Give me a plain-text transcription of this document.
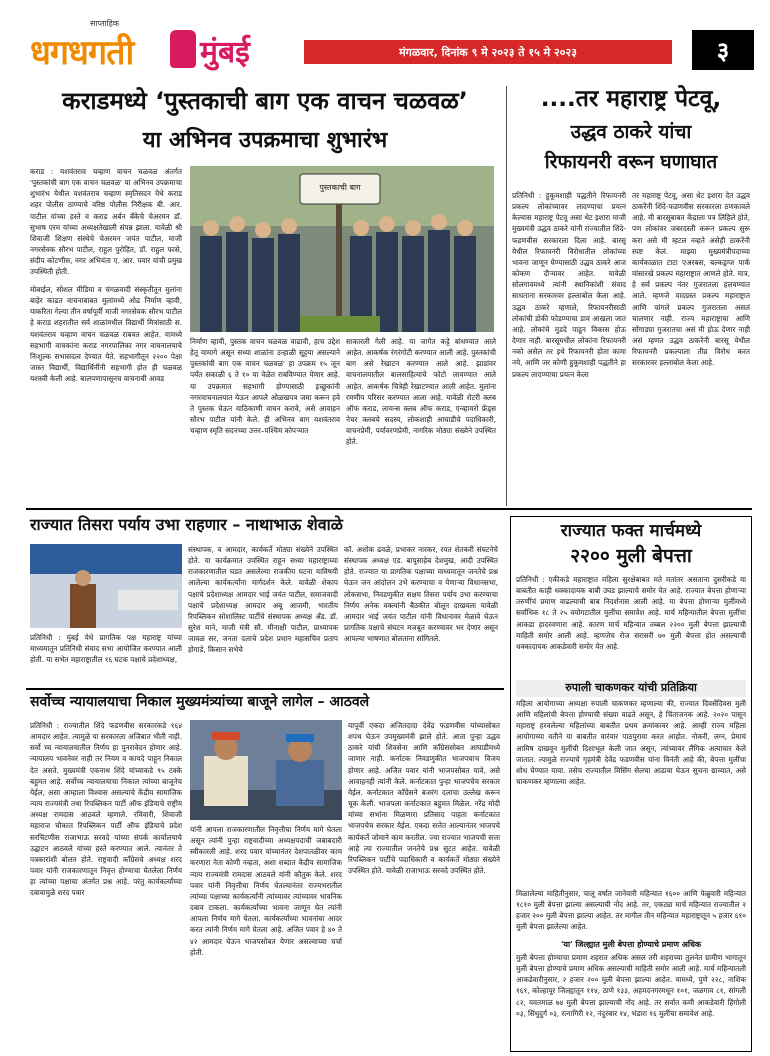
साप्ताहिक
धगधगती मुंबई	मंगळवार, दिनांक ९ मे २०२३ ते १५ मे २०२३	३
कराडमध्ये ‘पुस्तकाची बाग एक वाचन चळवळ’
या अभिनव उपक्रमाचा शुभारंभ
कराड : यशवंतराव चव्हाण वाचन चळवळ अंतर्गत 'पुस्तकांची बाग एक वाचन चळवळ' या अभिनव उपक्रमाचा शुभारंभ येथील यशवंतराव चव्हाण स्मृतिसदन येथे कराड शहर पोलीस ठाण्याचे वरिष्ठ पोलीस निरीक्षक बी. आर. पाटील यांच्या हस्ते व कराड अर्बन बँकेचे चेअरमन डॉ. सुभाष एरम यांच्या अध्यक्षतेखाली संपन्न झाला. यावेळी श्री शिवाजी शिक्षण संस्थेचे चेअरमन जयंत पाटील, माजी नगरसेवक सौरभ पाटील, राहुल पुरोहित, डॉ. राहुल फासे, संदीप कोटणीस, नगर अभियंता ए. आर. पवार यांची प्रमुख उपस्थिती होती.
पुस्तकाची बाग
मोबाईल, सोशल मीडिया व चंगळवादी संस्कृतीतून मुलांना बाहेर काढत वाचनाबाबत मुलांमध्ये ओढ निर्माण व्हावी, याकरिता गेल्या तीन वर्षापूर्वी माजी नगरसेवक सौरभ पाटील हे कराड शहरातील सर्व शाळांमधील विद्यार्थी मित्रांसाठी स. यशवंतराव चव्हाण वाचन चळवळ राबवत आहेत. यामध्ये सहभागी वाचकांना कराड नगरपालिका नगर वाचनालयाचे निःशुल्क सभासदत्व देण्यात येते. सहभागीतून २२०० पेक्षा जास्त विद्यार्थी, विद्यार्थिनींनी सहभागी होत ही चळवळ यशस्वी केली आहे. बालपणापासूनच वाचनाची आवड
निर्माण व्हावी, पुस्तक वाचन चळवळ वाढावी, हाच उद्देश हेतू यामागे असून सध्या शाळांना उन्हाळी सुट्टया असल्याने पुस्तकांची बाग एक वाचन चळवळ' हा उपक्रम १५ जून पर्यंत सकाळी ६ ते १० या वेळेत राबविण्यात येणार आहे. या उपक्रमात सहभागी होण्यासाठी इच्छुकांनी नगरवाचनालयात येऊन आपले ओळखपत्र जमा करून हवे ते पुस्तक घेऊन याठिकाणी वाचन करावे, असे आवाहन सौरभ पाटील यांनी केले. ही अभिनव बाग यशवंतराव चव्हाण स्मृति सदनच्या उत्तर–पश्चिम कोपऱ्यात
साकारली गेली आहे. या जागेत कट्टे बांधण्यात आले आहेत. आकर्षक रंगरंगोटी करण्यात आली आहे. पुस्तकांची बाग असे रेखाटन करण्यात आले आहे. झाडांवर वाचनालयातील बालसाहित्याचे फोटो लावण्यात आले आहेत. आकर्षक चित्रेही रेखाटण्यात आली आहेत. मुलांना रमणीय परिसर करण्यात आला आहे. यावेळी रोटरी क्लब ऑफ कराड, लायन्स क्लब ऑफ कराड, एन्व्हायरो फ्रेंड्स नेचर क्लबचे सदस्य, लोकशाही आघाडीचे पदाधिकारी, वाचनप्रेमी, पर्यावरणप्रेमी, नागरिक मोठ्या संख्येने उपस्थित होते.
....तर महाराष्ट्र पेटवू,
उद्धव ठाकरे यांचा
रिफायनरी वरून घणाघात
प्रतिनिधी : हुकूमशाही पद्धतीने रिफायनरी प्रकल्प लोकांच्यावर लादण्याचा प्रयत्न केल्यास महाराष्ट्र पेटवू असा थेट इशारा माजी मुख्यमंत्री उद्धव ठाकरे यांनी राज्यातील शिंदे-फडणवीस सरकारला दिला आहे. बारसू येथील रिफायनरी विरोधातील लोकांच्या भावना जाणून घेण्यासाठी उद्धव ठाकरे आज कोकण दौऱ्यावर आहेत. यावेळी सोलगावमध्ये त्यांनी स्थानिकांशी संवाद साधताना सरकारवर हल्लाबोल केला आहे. उद्धव ठाकरे म्हणाले, रिफायनरीसाठी लोकांची डोकी फोडण्याचा डाव आखला जात आहे. लोकांचे मुडदे पाडून विकास होऊ देणार नाही. बारसूमधील लोकांना रिफायनरी नको असेल तर इथे रिफायनरी होता कामा नये, आणि जर कोणी हुकूमशाही पद्धतीने हा प्रकल्प लादण्याचा प्रयत्न केला
तर महाराष्ट्र पेटवू, असा थेट इशारा देत उद्धव ठाकरेंनी शिंदे-फडणवीस सरकारला ठणकावले आहे. मी बारसूबाबत केंद्राला पत्र लिहिले होते, पण लोकांवर जबरदस्ती करून प्रकल्प सुरू करा असे मी म्हटल नव्हते असेही ठाकरेंनी स्पष्ट केलं. माझ्या मुख्यमंत्रीपदाच्या कार्यकाळात टाटा एअरबस, बल्कड्रग्ज पार्क यांसारखे प्रकल्प महाराष्ट्रात आणले होते. मात्र, हे सर्व प्रकल्प नंतर गुजरातला हलवण्यात आले. म्हणजे वादग्रस्त प्रकल्प महाराष्ट्रात आणि चांगले प्रकल्प गुजरातला असलं चालणार नाही. राज्य महाराष्ट्राचा आणि सोंगाड्या गुजरातचा असं मी होऊ देणार नाही असं म्हणत उद्धव ठाकरेंनी बारसू येथील रिफायनरी प्रकल्पाला तीव्र विरोध करत सरकारवर हल्लाबोल केला आहे.
राज्यात तिसरा पर्याय उभा राहणार – नाथाभाऊ शेवाळे
प्रतिनिधी : मुंबई येथे प्रागतिक पक्ष महाराष्ट्र यांच्या माध्यमातून प्रतिनिधी संवाद सभा आयोजित करण्यात आली होती. या सभेत महाराष्ट्रातील १६ घटक पक्षाचे प्रदेशाध्यक्ष,
संस्थापक, व आमदार, कार्यकर्ते मोठ्या संख्येने उपस्थित होते. या कार्यक्रमात उपस्थित राहून सध्या महाराष्ट्राच्या राजकारणातील घडत असलेल्या राजकीय घटना याविषयी आलेल्या कार्यकर्त्यांना मार्गदर्शन केले. यावेळी शेकाप पक्षाचे प्रदेशाध्यक्ष आमदार भाई जयंत पाटील, समाजवादी पक्षाचे प्रदेशाध्यक्ष आमदार अबू आजमी, भारतीय रिपब्लिकन सोशालिस्ट पार्टीचे संस्थापक अध्यक्ष अँड. डॉ. सुरेश माने, माजी मंत्री सौ. मीनाक्षी पाटील, प्राध्यापक जावळ सर, जनता दलाचे प्रदेश प्रधान महासचिव प्रताप होगाडे, किसान सभेचे
कॉ. अशोक ढवळे, प्रभाकर नारकर, रयत शेतकरी संघटनेचे संस्थापक अध्यक्ष एड. बापूसाहेब देशमुख, आदी उपस्थित होते. राज्यात या प्रागतिक पक्षाच्या माध्यमातून जनतेचे प्रश्न घेऊन जन आंदोलन उभे करण्याचा व येणाऱ्या विधानसभा, लोकसभा, निवडणुकीत सक्षम तिसरा पर्याय उभा करण्याचा निर्णय अनेक वक्त्यांनी बैठकीत बोलून दाखवला यावेळी आमदार भाई जयंत पाटील यांनी विधानावर मेळावे घेऊन प्रागतिक पक्षाचे संघटन मजबूत करण्यावर भर देणार असून आपल्या भाषणात बोलताना सांगितले.
सर्वोच्च न्यायालयाचा निकाल मुख्यमंत्र्यांच्या बाजूने लागेल – आठवले
प्रतिनिधी : राज्यातील शिंदे फडणवीस सरकारकडे १६४ आमदार आहेत. त्यामुळे या सरकारला अजिबात भीती नाही. सर्वो च्च न्यायालयातील निर्णय हा पुनरावेदन होणार आहे. न्यायालय भावनेवर नाही तर नियम व कायदे पाहून निकाल देत असते. मुख्यमंत्री एकनाथ शिंदे यांच्याकडे ९५ टक्के बहुमत आहे. सर्वोच्च न्यायालयाचा निकाल त्यांच्या बाजूनेच येईल, असा आम्हाला विश्वास असल्याचे केंद्रीय सामाजिक न्याय राज्यमंत्री तथा रिपब्लिकन पार्टी ऑफ इंडियाचे राष्ट्रीय अध्यक्ष रामदास आठवले म्हणाले. रविवारी, शिवाजी महाराज चौकात रिपब्लिकन पार्टी ऑफ इंडियाचे प्रदेश सरचिटणीस राजाभाऊ सरवदे यांच्या संपर्क कार्यालयाचे उद्घाटन आठवले यांच्या हस्ते करण्यात आले. त्यानंतर ते पत्रकारांशी बोलत होते. राष्ट्रवादी कॉंग्रेसचे अध्यक्ष शरद पवार यांनी राजकारणातून निवृत्त होण्याचा घेतलेला निर्णय हा त्यांच्या पक्षाचा अंतर्गत प्रश्न आहे. परंतु कार्यकर्त्यांच्या दबावामुळे शरद पवार
यांनी आपला राजकारणातील निवृत्तीचा निर्णय मागे घेतला असून त्यांनी पुन्हा राष्ट्रवादीच्या अध्यक्षपदाची जबाबदारी स्वीकारली आहे. शरद पवार यांच्यानंतर देशपातळीवर काम करणारा नेता कोणी नव्हता, अशा शब्दात केंद्रीय सामाजिक न्याय राज्यमंत्री रामदास आठवले यांनी कौतुक केले. शरद पवार यांनी निवृत्तीचा निर्णय घेतल्यानंतर राज्यभरातील त्यांच्या पक्षाच्या कार्यकर्त्यांनी त्यांच्यावर त्यांच्यावर भावनिक दबाव टाकला. कार्यकर्त्यांच्या भावना जाणून घेत त्यांनी आपला निर्णय मागे घेतला. कार्यकर्त्यांच्या भावनांचा आदर करत त्यांनी निर्णय मागे घेतला आहे. अजित पवार हे ४० ते ४२ आमदार घेऊन भाजपसोबत येणार असल्याच्या चर्चा होती.
यापूर्वी एकदा अजितदादा देवेंद्र फडणवीस यांच्यासोबत शपथ घेऊन उपमुख्यमंत्री झाले होते. आता पुन्हा उद्धव ठाकरे यांची शिवसेना आणि काँग्रेससोबत आघाडीमध्ये जाणार नाही. कर्नाटक निवडणुकीत भाजपचाच विजय होणार आहे. अजित पवार यांनी भाजपसोबत यावे, असे आवाहनही त्यांनी केले. कर्नाटकात पुन्हा भाजपचेच सरकार येईल. कर्नाटकात काँग्रेसने बजरंग दलाचा उल्लेख करून चूक केली. भाजपला कर्नाटकात बहुमत मिळेल. नरेंद्र मोदी यांच्या सभांना मिळणारा प्रतिसाद पाहता कर्नाटकात भाजपचेच सरकार येईल. एकदा सत्तेत आल्यानंतर भाजपचे कार्यकर्ते जोमाने काम करतील. ज्या राज्यात भाजपची सत्ता आहे त्या राज्यातील जनतेचे प्रश्न सुटत आहेत. यावेळी रिपब्लिकन पार्टीचे पदाधिकारी व कार्यकर्ते मोठ्या संख्येने उपस्थित होते. यावेळी राजाभाऊ सरवदे उपस्थित होते.
राज्यात फक्त मार्चमध्ये
२२०० मुली बेपत्ता
प्रतिनिधी : एकीकडे महाराष्ट्रात महिला सुरक्षेबाबत मते मतांतर असताना दुसरीकडे या बाबतीत काही धक्कादायक बाबी उघड झाल्याचे समोर येत आहे. राज्यात बेपत्ता होणाऱ्या तरुणींचं प्रमाण वाढल्याची बाब निदर्शनास आली आहे. या बेपत्ता होणाऱ्या मुलींमध्ये सर्वाधिक १८ ते २५ वयोगटातील मुलींचा समावेश आहे. मार्च महिन्यातील बेपत्ता मुलींचा आकडा हादरवणारा आहे. कारण मार्च महिन्यात तब्बल २२०० मुली बेपत्ता झाल्याची माहिती समोर आली आहे. म्हणजेच रोज सरासरी ७० मुली बेपत्ता होत असल्याची धक्कादायक आकडेवारी समोर येत आहे.
रुपाली चाकणकर यांची प्रतिक्रिया
महिला आयोगाच्या अध्यक्षा रुपाली चाकणकर म्हणाल्या की, राज्यात दिवसेंदिवस मुली आणि महिलांची बेपत्ता होण्याची संख्या वाढते असून, हे चिंताजनक आहे. २०२० पासून महाराष्ट्र हरवलेल्या महिलांच्या बाबतीत प्रथम क्रमांकावर आहे. आम्ही राज्य महिला आयोगाच्या वतीने या बाबतीत वारंवार पाठपुरावा करत आहोत. नोकरी, लग्न, प्रेमाचं आमिष दाखवून मुलींची दिशाभूल केली जात असून, त्यांच्यावर लैंगिक अत्याचार केले जातात. त्यामुळे राज्याचे गृहमंत्री देवेंद्र फडणवीस यांना विनंती आहे की, बेपत्ता मुलींचा शोध घेण्यात यावा. तसेच राज्यातील मिसिंग सेलचा आढावा घेऊन सूचना द्याव्यात, असे चाकणकर म्हणाल्या आहेत.
मिळालेल्या माहितीनुसार, चालू वर्षात जानेवारी महिन्यात १६०० आणि फेब्रुवारी महिन्यात १८१० मुली बेपत्ता झाल्या असल्याची नोंद आहे. तर, एकट्या मार्च महिन्यात राज्यातील २ हजार २०० मुली बेपत्ता झाल्या आहेत. तर मागील तीन महिन्यात महाराष्ट्रातून ५ हजार ६१० मुली बेपत्ता झालेल्या आहेत.
'या' जिल्ह्यात मुली बेपत्ता होण्याचे प्रमाण अधिक
मुली बेपत्ता होण्याचा प्रमाण शहरात अधिक असल तरी शहराच्या तुलनेत ग्रामीण भागातून मुली बेपत्ता होण्याचे प्रमाण अधिक असल्याची माहिती समोर आली आहे. मार्च महिन्यातली आकडेवारीनुसार, २ हजार २०० मुली बेपत्ता झाल्या आहेत. यामध्ये, पुणे २२८, नाशिक १६१, कोल्हापूर जिल्ह्यातून ११४, ठाणे १३३, अहमदनगरमधून १०१, जळगाव ८१, सांगली ८२, यवतमाळ ७४ मुली बेपत्ता झाल्याची नोंद आहे. तर सर्वात कमी आकडेवारी हिंगोली ०३, सिंधुदुर्ग ०३, रत्नागिरी १२, नंदुरबार १४, भंडारा १६ मुलींचा समावेश आहे.
